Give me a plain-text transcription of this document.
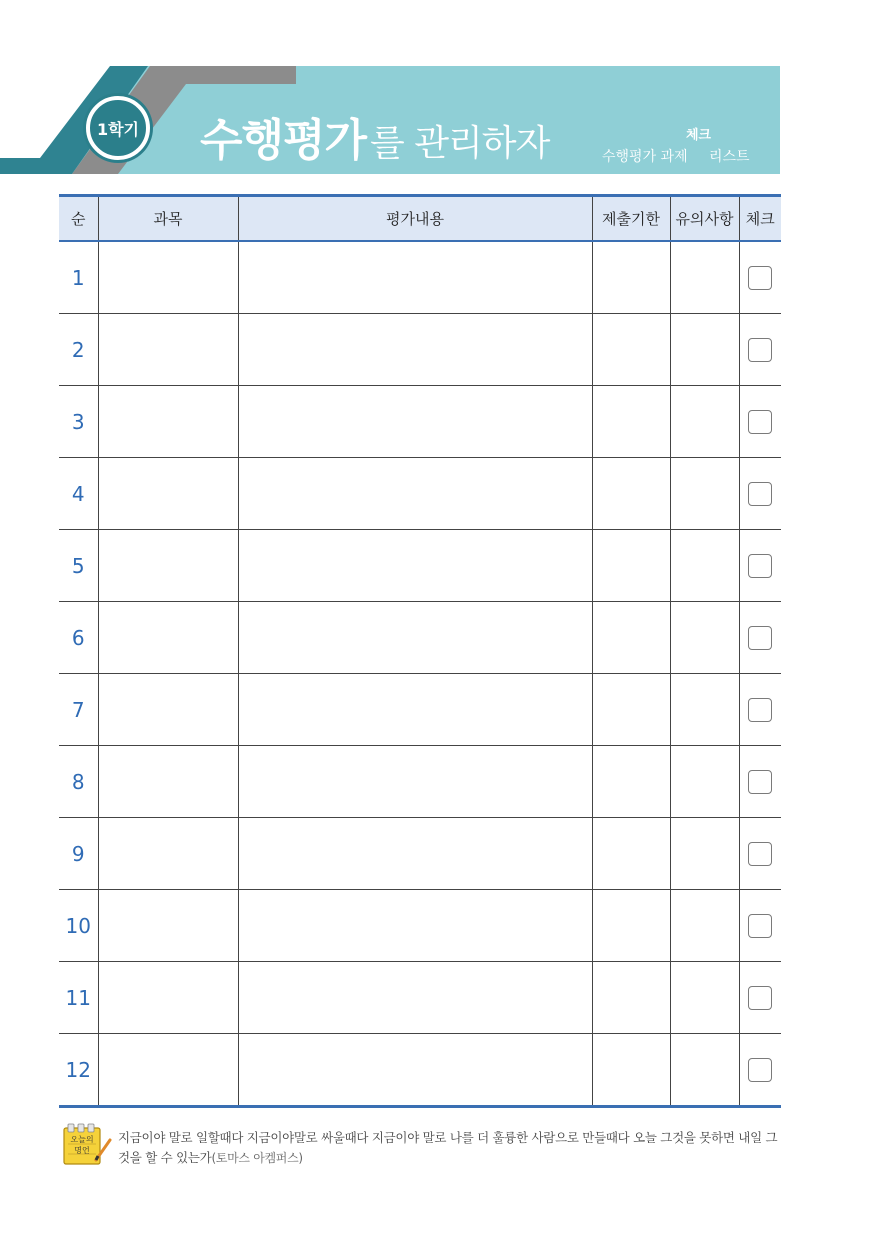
1학기 수행평가 를 관리하자	수행평가 과제
체크
리스트
순	과목	평가내용	제출기한	유의사항	체크
1					
2					
3					
4					
5					
6					
7					
8					
9					
10					
11					
12					
오늘의
명언
지금이야 말로 일할때다 지금이야말로 싸울때다 지금이야 말로 나를 더 훌륭한 사람으로 만들때다 오늘 그것을 못하면 내일 그것을 할 수 있는가(토마스 아켐퍼스)
